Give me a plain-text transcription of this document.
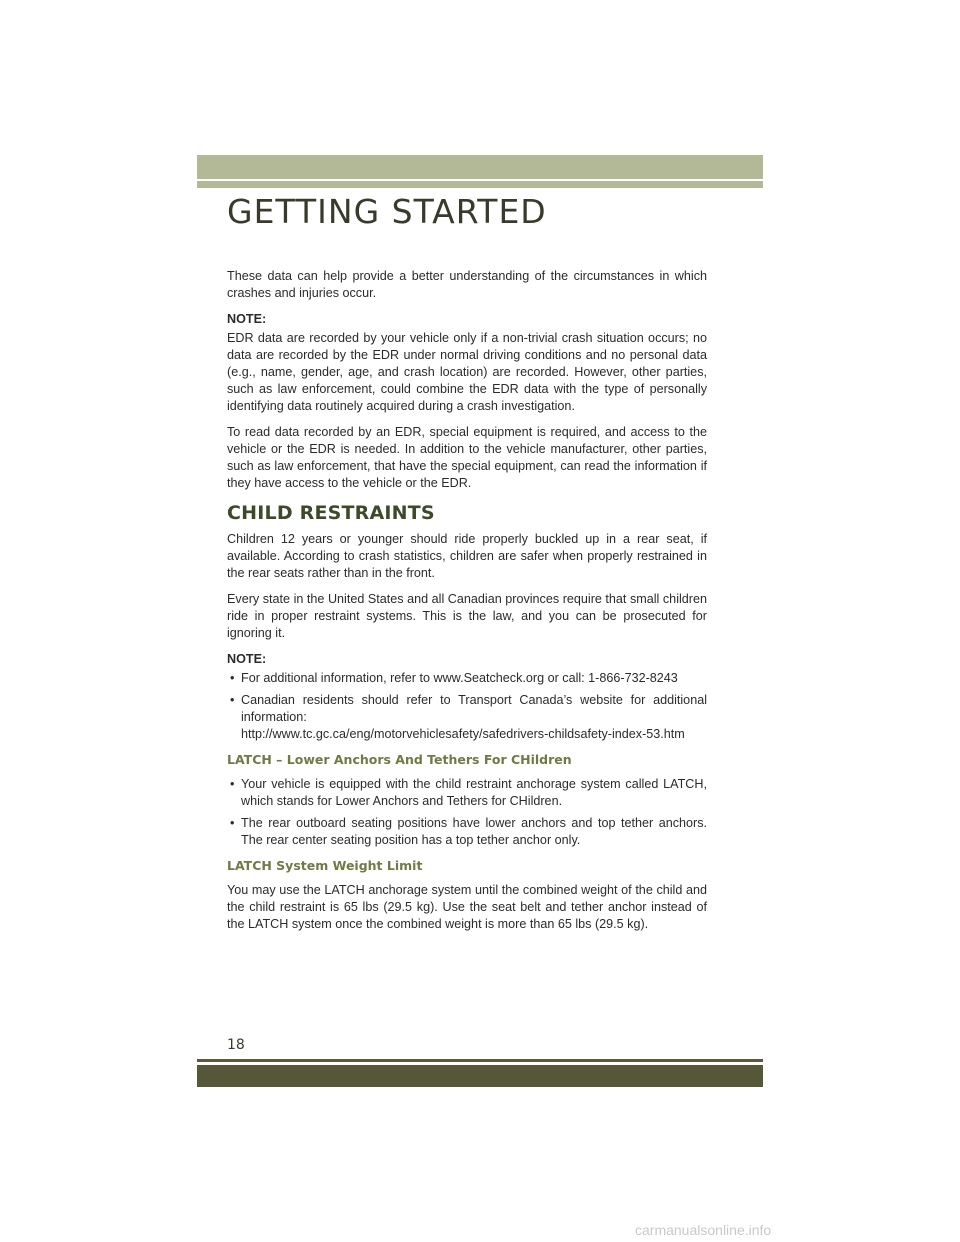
GETTING STARTED

These data can help provide a better understanding of the circumstances in which crashes and injuries occur.

NOTE:

EDR data are recorded by your vehicle only if a non-trivial crash situation occurs; no data are recorded by the EDR under normal driving conditions and no personal data (e.g., name, gender, age, and crash location) are recorded. However, other parties, such as law enforcement, could combine the EDR data with the type of personally identifying data routinely acquired during a crash investigation.

To read data recorded by an EDR, special equipment is required, and access to the vehicle or the EDR is needed. In addition to the vehicle manufacturer, other parties, such as law enforcement, that have the special equipment, can read the information if they have access to the vehicle or the EDR.

CHILD RESTRAINTS

Children 12 years or younger should ride properly buckled up in a rear seat, if available. According to crash statistics, children are safer when properly restrained in the rear seats rather than in the front.

Every state in the United States and all Canadian provinces require that small children ride in proper restraint systems. This is the law, and you can be prosecuted for ignoring it.

NOTE:
• For additional information, refer to www.Seatcheck.org or call: 1-866-732-8243
• Canadian residents should refer to Transport Canada’s website for additional information:
http://www.tc.gc.ca/eng/motorvehiclesafety/safedrivers-childsafety-index-53.htm
LATCH – Lower Anchors And Tethers For CHildren
• Your vehicle is equipped with the child restraint anchorage system called LATCH, which stands for Lower Anchors and Tethers for CHildren.
• The rear outboard seating positions have lower anchors and top tether anchors. The rear center seating position has a top tether anchor only.
LATCH System Weight Limit

You may use the LATCH anchorage system until the combined weight of the child and the child restraint is 65 lbs (29.5 kg). Use the seat belt and tether anchor instead of the LATCH system once the combined weight is more than 65 lbs (29.5 kg).

18
carmanualsonline.info
